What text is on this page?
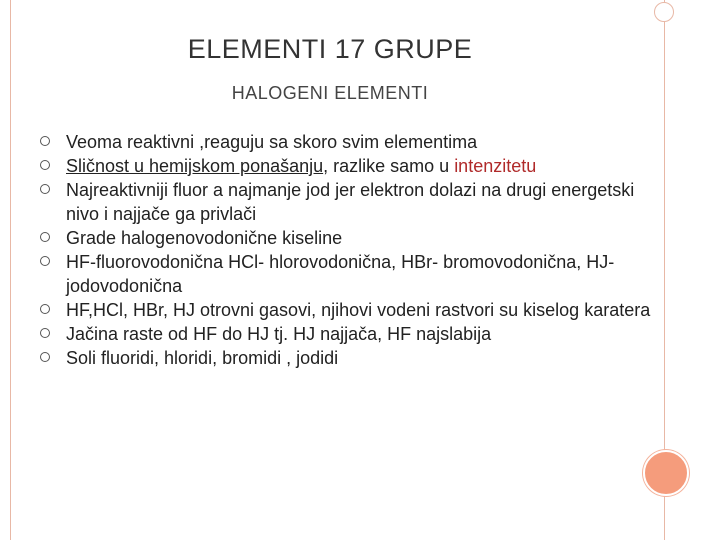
ELEMENTI 17 GRUPE
HALOGENI ELEMENTI
Veoma reaktivni ,reaguju sa skoro svim elementima
Sličnost u hemijskom ponašanju, razlike samo u intenzitetu
Najreaktivniji fluor a najmanje jod jer elektron dolazi na drugi energetski nivo i najjače ga privlači
Grade halogenovodonične kiseline
HF-fluorovodonična HCl- hlorovodonična, HBr- bromovodonična, HJ- jodovodonična
HF,HCl, HBr, HJ otrovni gasovi, njihovi vodeni rastvori su kiselog karatera
Jačina raste od HF do HJ tj. HJ najjača, HF najslabija
Soli fluoridi, hloridi, bromidi , jodidi
